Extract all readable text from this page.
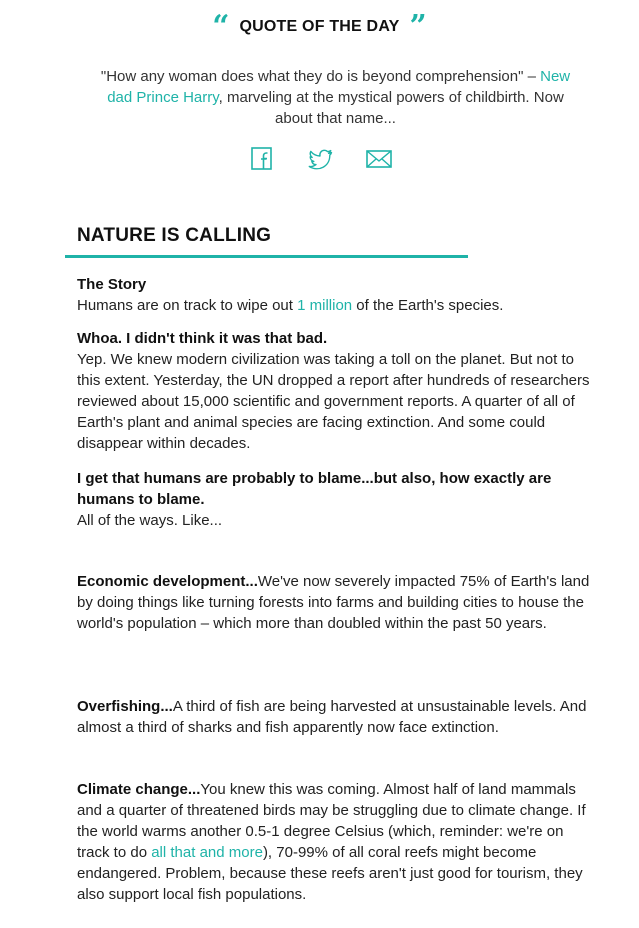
“ QUOTE OF THE DAY ”

"How any woman does what they do is beyond comprehension" – New dad Prince Harry, marveling at the mystical powers of childbirth. Now about that name...

NATURE IS CALLING

The Story

Humans are on track to wipe out 1 million of the Earth's species.

Whoa. I didn't think it was that bad.

Yep. We knew modern civilization was taking a toll on the planet. But not to this extent. Yesterday, the UN dropped a report after hundreds of researchers reviewed about 15,000 scientific and government reports. A quarter of all of Earth's plant and animal species are facing extinction. And some could disappear within decades.

I get that humans are probably to blame...but also, how exactly are humans to blame.

All of the ways. Like...

Economic development...We've now severely impacted 75% of Earth's land by doing things like turning forests into farms and building cities to house the world's population – which more than doubled within the past 50 years.

Overfishing...A third of fish are being harvested at unsustainable levels. And almost a third of sharks and fish apparently now face extinction.

Climate change...You knew this was coming. Almost half of land mammals and a quarter of threatened birds may be struggling due to climate change. If the world warms another 0.5-1 degree Celsius (which, reminder: we're on track to do all that and more), 70-99% of all coral reefs might become endangered. Problem, because these reefs aren't just good for tourism, they also support local fish populations.
